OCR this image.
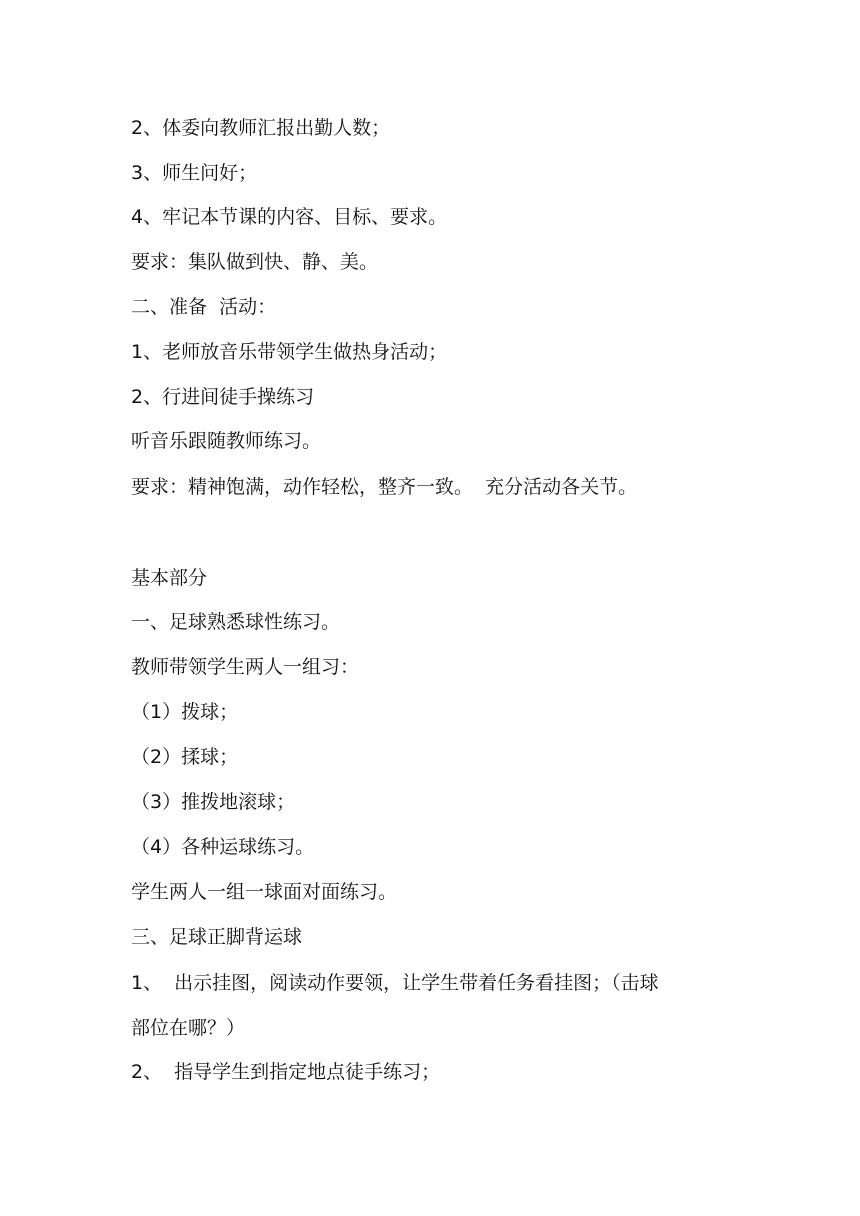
2、体委向教师汇报出勤人数；
3、师生问好；
4、牢记本节课的内容、目标、要求。
要求：集队做到快、静、美。
二、准备  活动：
1、老师放音乐带领学生做热身活动；
2、行进间徒手操练习
听音乐跟随教师练习。
要求：精神饱满，动作轻松，整齐一致。  充分活动各关节。
基本部分
一、足球熟悉球性练习。
教师带领学生两人一组习：
（1）拨球；
（2）揉球；
（3）推拨地滚球；
（4）各种运球练习。
学生两人一组一球面对面练习。
三、足球正脚背运球
1、  出示挂图，阅读动作要领，让学生带着任务看挂图；（击球
部位在哪？）
2、  指导学生到指定地点徒手练习；
